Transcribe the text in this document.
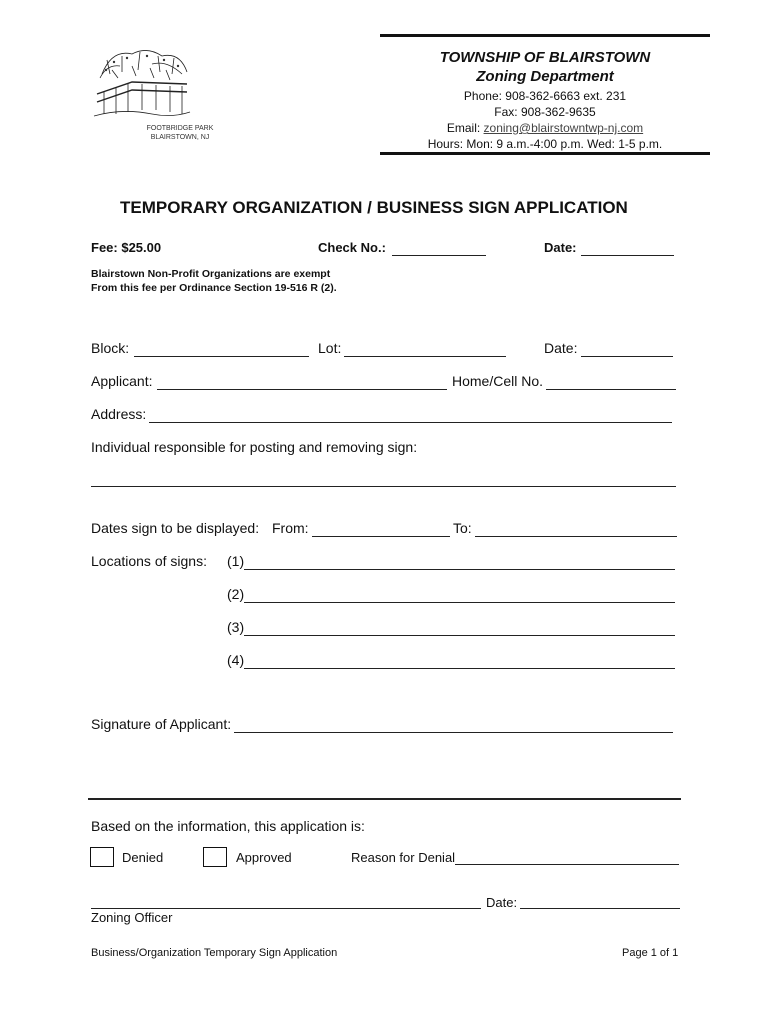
FOOTBRIDGE PARK
BLAIRSTOWN, NJ
TOWNSHIP OF BLAIRSTOWN
Zoning Department
Phone: 908-362-6663 ext. 231
Fax: 908-362-9635
Email: zoning@blairstowntwp-nj.com
Hours: Mon: 9 a.m.-4:00 p.m. Wed: 1-5 p.m.
TEMPORARY ORGANIZATION / BUSINESS SIGN APPLICATION
Fee: $25.00	Check No.:	Date:
Blairstown Non-Profit Organizations are exempt
From this fee per Ordinance Section 19-516 R (2).
Block:	Lot:	Date:
Applicant:	Home/Cell No.
Address:
Individual responsible for posting and removing sign:
Dates sign to be displayed: From:	To:
Locations of signs: (1)
(2)
(3)
(4)
Signature of Applicant:
Based on the information, this application is:
Denied	Approved	Reason for Denial
Date:
Zoning Officer
Business/Organization Temporary Sign Application	Page 1 of 1
